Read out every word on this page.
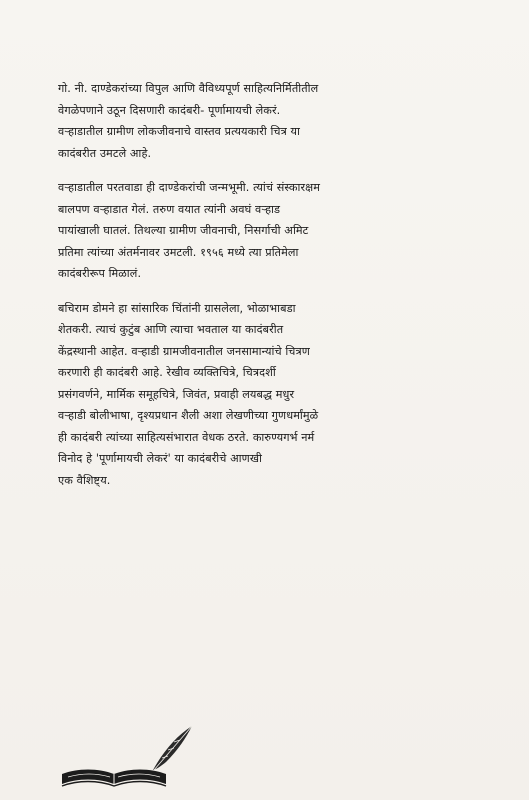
गो. नी. दाण्डेकरांच्या विपुल आणि वैविध्यपूर्ण साहित्यनिर्मितीतील
वेगळेपणाने उठून दिसणारी कादंबरी- पूर्णामायची लेकरं.
वऱ्हाडातील ग्रामीण लोकजीवनाचे वास्तव प्रत्ययकारी चित्र या
कादंबरीत उमटले आहे.

वऱ्हाडातील परतवाडा ही दाण्डेकरांची जन्मभूमी. त्यांचं संस्कारक्षम
बालपण वऱ्हाडात गेलं. तरुण वयात त्यांनी अवघं वऱ्हाड
पायांखाली घातलं. तिथल्या ग्रामीण जीवनाची, निसर्गाची अमिट
प्रतिमा त्यांच्या अंतर्मनावर उमटली. १९५६ मध्ये त्या प्रतिमेला
कादंबरीरूप मिळालं.

बचिराम डोमने हा सांसारिक चिंतांनी ग्रासलेला, भोळाभाबडा
शेतकरी. त्याचं कुटुंब आणि त्याचा भवताल या कादंबरीत
केंद्रस्थानी आहेत. वऱ्हाडी ग्रामजीवनातील जनसामान्यांचे चित्रण
करणारी ही कादंबरी आहे. रेखीव व्यक्तिचित्रे, चित्रदर्शी
प्रसंगवर्णने, मार्मिक समूहचित्रे, जिवंत, प्रवाही लयबद्ध मधुर
वऱ्हाडी बोलीभाषा, दृश्यप्रधान शैली अशा लेखणीच्या गुणधर्मांमुळे
ही कादंबरी त्यांच्या साहित्यसंभारात वेधक ठरते. कारुण्यगर्भ नर्म
विनोद हे 'पूर्णामायची लेकरं' या कादंबरीचे आणखी
एक वैशिष्ट्य.
